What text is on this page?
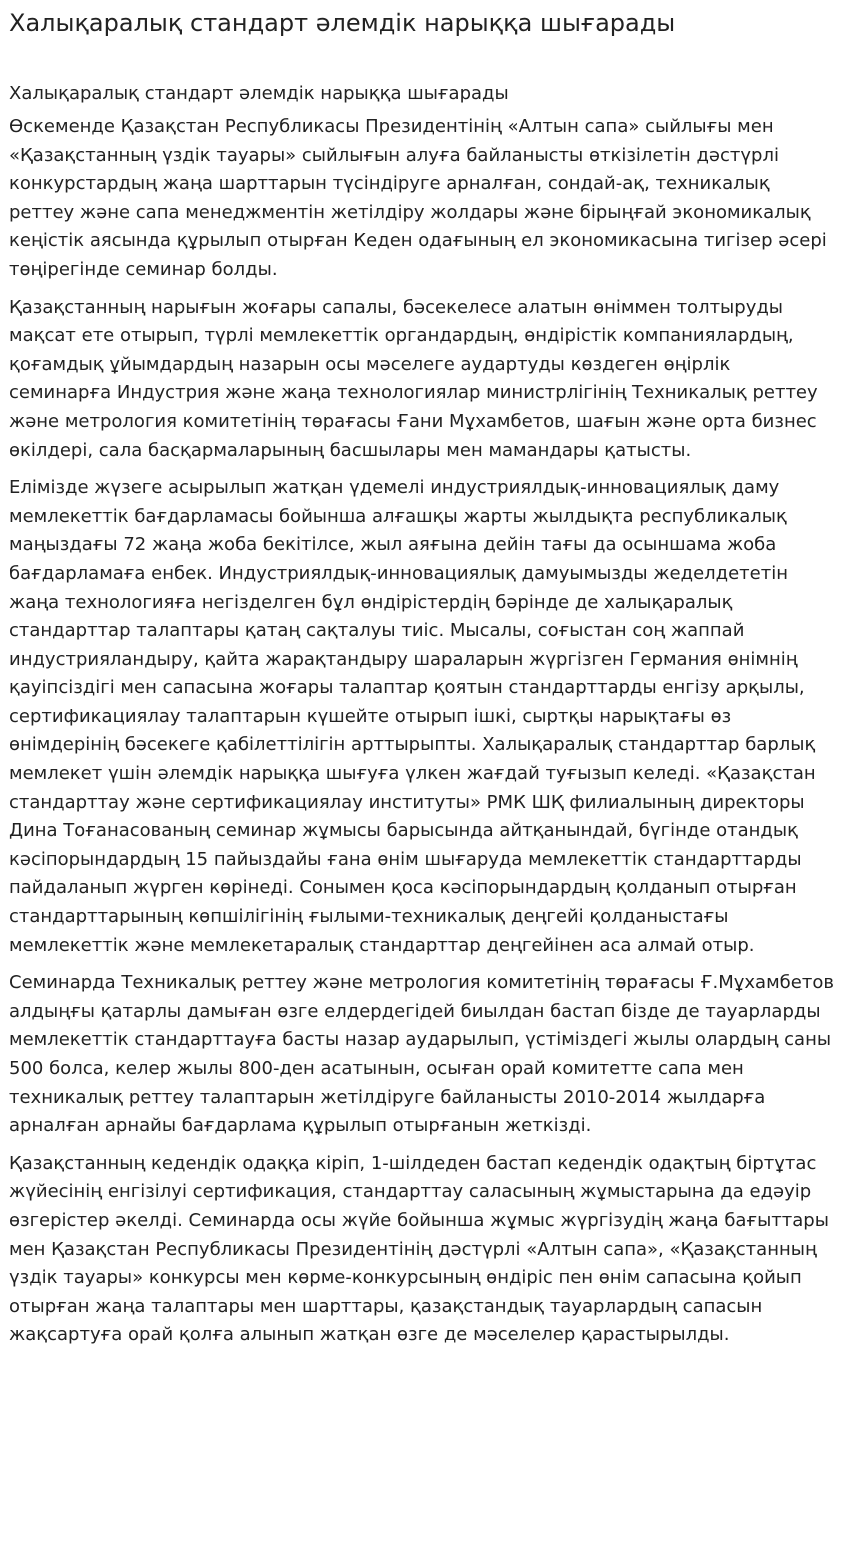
Халықаралық стандарт әлемдік нарыққа шығарады
Халықаралық стандарт әлемдік нарыққа шығарады

Өскеменде Қазақстан Республикасы Президентінің «Алтын сапа» сыйлығы мен «Қазақстанның үздік тауары» сыйлығын алуға байланысты өткізілетін дәстүрлі конкурстардың жаңа шарттарын түсіндіруге арналған, сондай-ақ, техникалық реттеу және сапа менеджментін жетілдіру жолдары және бірыңғай экономикалық кеңістік аясында құрылып отырған Кеден одағының ел экономикасына тигізер әсері төңірегінде семинар болды.

Қазақстанның нарығын жоғары сапалы, бәсекелесе алатын өніммен толтыруды мақсат ете отырып, түрлі мемлекеттік органдардың, өндірістік компаниялардың, қоғамдық ұйымдардың назарын осы мәселеге аудартуды көздеген өңірлік семинарға Индустрия және жаңа технологиялар министрлігінің Техникалық реттеу және метрология комитетінің төрағасы Ғани Мұхамбетов, шағын және орта бизнес өкілдері, сала басқармаларының басшылары мен мамандары қатысты.

Елімізде жүзеге асырылып жатқан үдемелі индустриялдық-инновациялық даму мемлекеттік бағдарламасы бойынша алғашқы жарты жылдықта республикалық маңыздағы 72 жаңа жоба бекітілсе, жыл аяғына дейін тағы да осыншама жоба бағдарламаға енбек. Индустриялдық-инновациялық дамуымызды жеделдететін жаңа технологияға негізделген бұл өндірістердің бәрінде де халықаралық стандарттар талаптары қатаң сақталуы тиіс. Мысалы, соғыстан соң жаппай индустрияландыру, қайта жарақтандыру шараларын жүргізген Германия өнімнің қауіпсіздігі мен сапасына жоғары талаптар қоятын стандарттарды енгізу арқылы, сертификациялау талаптарын күшейте отырып ішкі, сыртқы нарықтағы өз өнімдерінің бәсекеге қабілеттілігін арттырыпты. Халықаралық стандарттар барлық мемлекет үшін әлемдік нарыққа шығуға үлкен жағдай туғызып келеді. «Қазақстан стандарттау және сертификациялау институты» РМК ШҚ филиалының директоры Дина Тоғанасованың семинар жұмысы барысында айтқанындай, бүгінде отандық кәсіпорындардың 15 пайыздайы ғана өнім шығаруда мемлекеттік стандарттарды пайдаланып жүрген көрінеді. Сонымен қоса кәсіпорындардың қолданып отырған стандарттарының көпшілігінің ғылыми-техникалық деңгейі қолданыстағы мемлекеттік және мемлекетаралық стандарттар деңгейінен аса алмай отыр.

Семинарда Техникалық реттеу және метрология комитетінің төрағасы Ғ.Мұхамбетов алдыңғы қатарлы дамыған өзге елдердегідей биылдан бастап бізде де тауарларды мемлекеттік стандарттауға басты назар аударылып, үстіміздегі жылы олардың саны 500 болса, келер жылы 800-ден асатынын, осыған орай комитетте сапа мен техникалық реттеу талаптарын жетілдіруге байланысты 2010-2014 жылдарға арналған арнайы бағдарлама құрылып отырғанын жеткізді.

Қазақстанның кедендік одаққа кіріп, 1-шілдеден бастап кедендік одақтың біртұтас жүйесінің енгізілуі сертификация, стандарттау саласының жұмыстарына да едәуір өзгерістер әкелді. Семинарда осы жүйе бойынша жұмыс жүргізудің жаңа бағыттары мен Қазақстан Республикасы Президентінің дәстүрлі «Алтын сапа», «Қазақстанның үздік тауары» конкурсы мен көрме-конкурсының өндіріс пен өнім сапасына қойып отырған жаңа талаптары мен шарттары, қазақстандық тауарлардың сапасын жақсартуға орай қолға алынып жатқан өзге де мәселелер қарастырылды.
